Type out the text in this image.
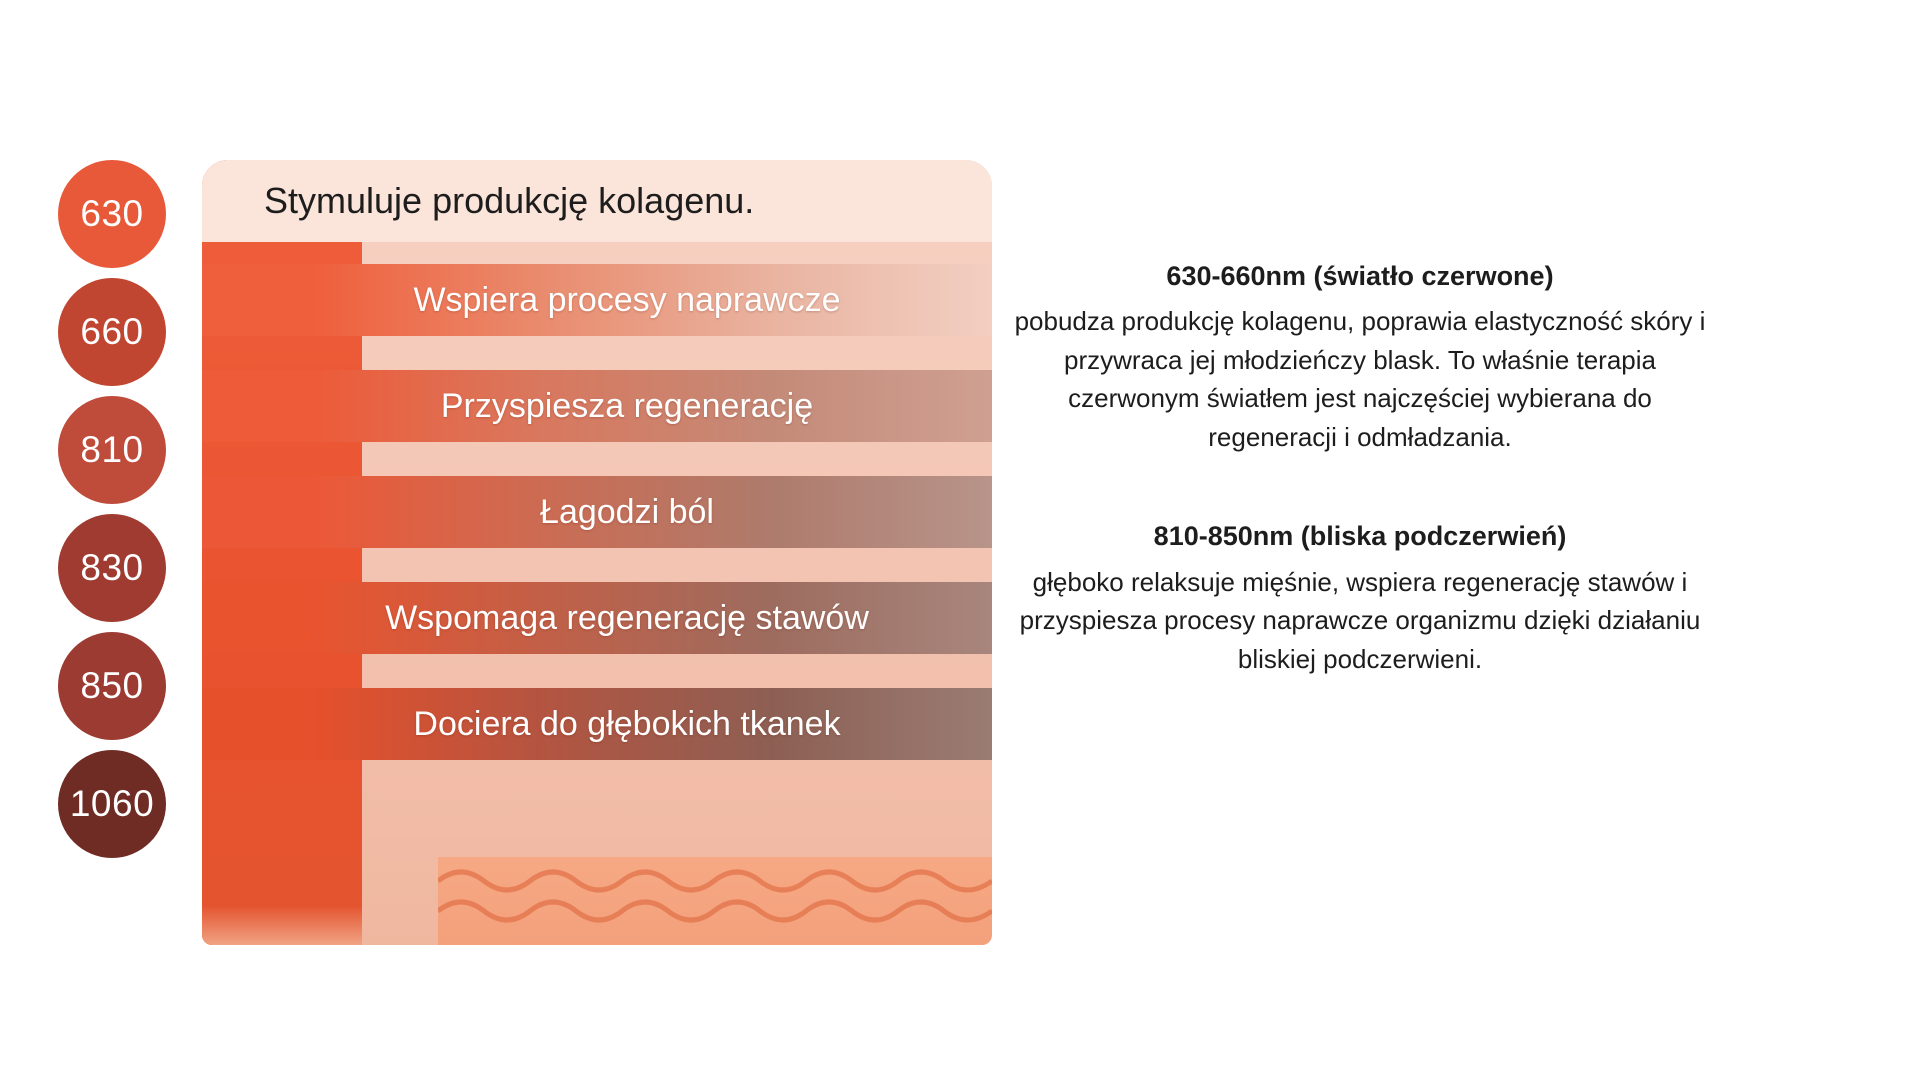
630
660
810
830
850
1060
Stymuluje produkcję kolagenu.
Wspiera procesy naprawcze
Przyspiesza regenerację
Łagodzi ból
Wspomaga regenerację stawów
Dociera do głębokich tkanek

630-660nm (światło czerwone)

pobudza produkcję kolagenu, poprawia elastyczność skóry i przywraca jej młodzieńczy blask. To właśnie terapia czerwonym światłem jest najczęściej wybierana do regeneracji i odmładzania.

810-850nm (bliska podczerwień)

głęboko relaksuje mięśnie, wspiera regenerację stawów i przyspiesza procesy naprawcze organizmu dzięki działaniu bliskiej podczerwieni.
